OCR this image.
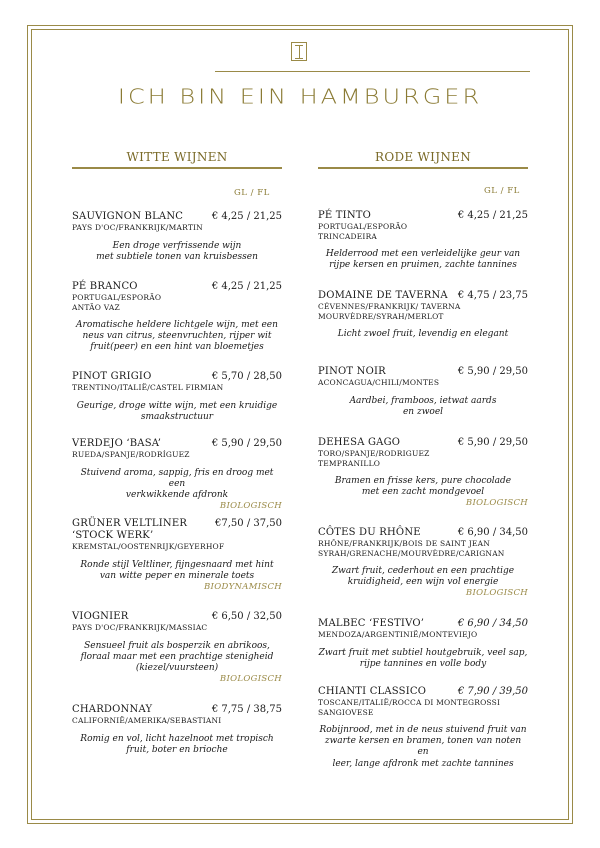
ICH BIN EIN HAMBURGER
WITTE WIJNEN
GL / FL
SAUVIGNON BLANC	€ 4,25 / 21,25
PAYS D'OC/FRANKRIJK/MARTIN
Een droge verfrissende wijn
met subtiele tonen van kruisbessen
PÉ BRANCO	€ 4,25 / 21,25
PORTUGAL/ESPORÃO
ANTÃO VAZ
Aromatische heldere lichtgele wijn, met een
neus van citrus, steenvruchten, rijper wit
fruit(peer) en een hint van bloemetjes
PINOT GRIGIO	€ 5,70 / 28,50
TRENTINO/ITALIË/CASTEL FIRMIAN
Geurige, droge witte wijn, met een kruidige
smaakstructuur
VERDEJO ‘BASA’	€ 5,90 / 29,50
RUEDA/SPANJE/RODRÍGUEZ
Stuivend aroma, sappig, fris en droog met een
verkwikkende afdronk
BIOLOGISCH
GRÜNER VELTLINER
‘STOCK WERK’
€7,50 / 37,50
KREMSTAL/OOSTENRIJK/GEYERHOF
Ronde stijl Veltliner, fijngesnaard met hint
van witte peper en minerale toets
BIODYNAMISCH
VIOGNIER	€ 6,50 / 32,50
PAYS D'OC/FRANKRIJK/MASSIAC
Sensueel fruit als bosperzik en abrikoos,
floraal maar met een prachtige stenigheid
(kiezel/vuursteen)
BIOLOGISCH
CHARDONNAY	€ 7,75 / 38,75
CALIFORNIË/AMERIKA/SEBASTIANI
Romig en vol, licht hazelnoot met tropisch
fruit, boter en brioche
RODE WIJNEN
GL / FL
PÉ TINTO	€ 4,25 / 21,25
PORTUGAL/ESPORÃO
TRINCADEIRA
Helderrood met een verleidelijke geur van
rijpe kersen en pruimen, zachte tannines
DOMAINE DE TAVERNA	€ 4,75 / 23,75
CÉVENNES/FRANKRIJK/ TAVERNA
MOURVÈDRE/SYRAH/MERLOT
Licht zwoel fruit, levendig en elegant
PINOT NOIR	€ 5,90 / 29,50
ACONCAGUA/CHILI/MONTES
Aardbei, framboos, ietwat aards
en zwoel
DEHESA GAGO	€ 5,90 / 29,50
TORO/SPANJE/RODRIGUEZ
TEMPRANILLO
Bramen en frisse kers, pure chocolade
met een zacht mondgevoel
BIOLOGISCH
CÔTES DU RHÔNE	€ 6,90 / 34,50
RHÔNE/FRANKRIJK/BOIS DE SAINT JEAN
SYRAH/GRENACHE/MOURVÈDRE/CARIGNAN
Zwart fruit, cederhout en een prachtige
kruidigheid, een wijn vol energie
BIOLOGISCH
MALBEC ‘FESTIVO’	€ 6,90 / 34,50
MENDOZA/ARGENTINIË/MONTEVIEJO
Zwart fruit met subtiel houtgebruik, veel sap,
rijpe tannines en volle body
CHIANTI CLASSICO	€ 7,90 / 39,50
TOSCANE/ITALIË/ROCCA DI MONTEGROSSI
SANGIOVESE
Robijnrood, met in de neus stuivend fruit van
zwarte kersen en bramen, tonen van noten en
leer, lange afdronk met zachte tannines
